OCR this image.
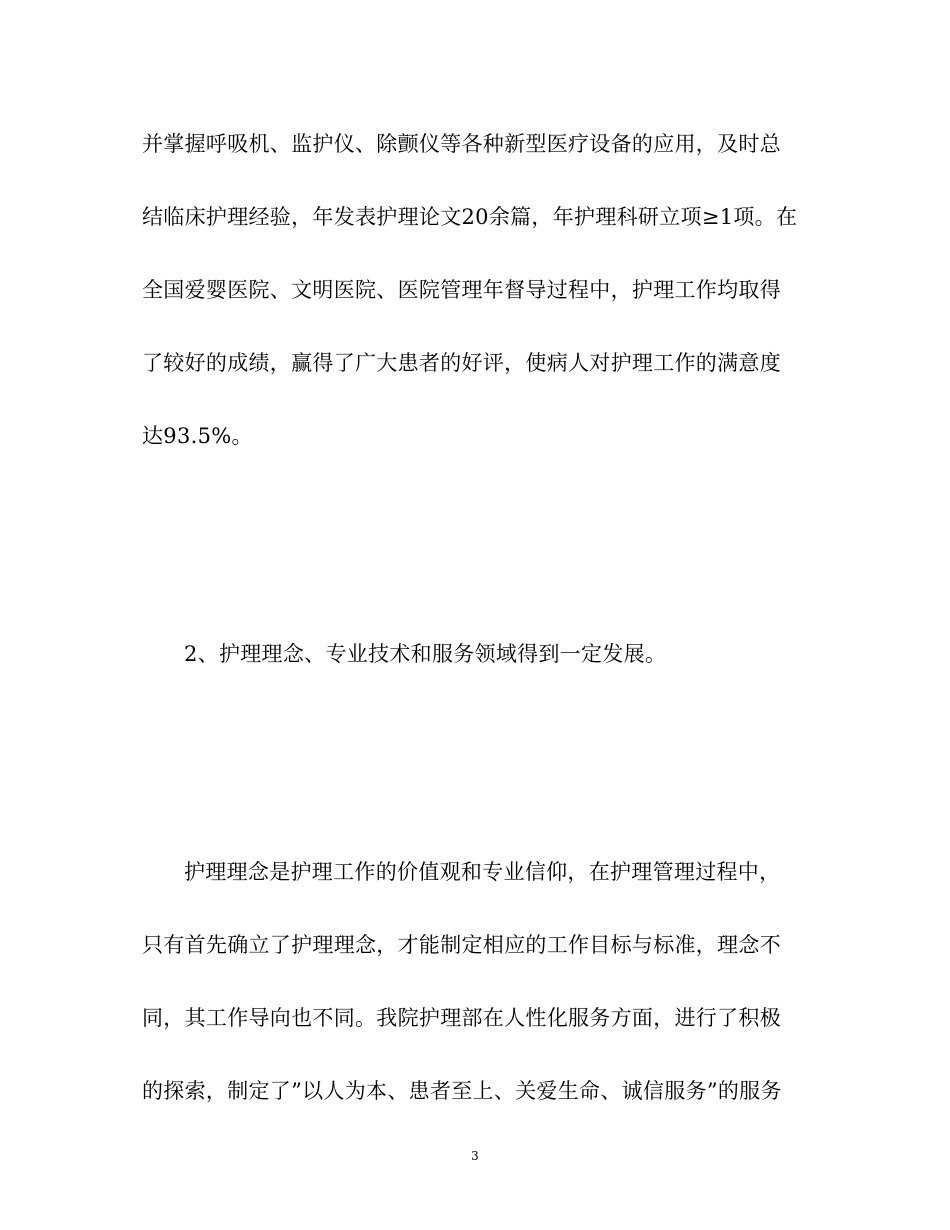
并掌握呼吸机、监护仪、除颤仪等各种新型医疗设备的应用，及时总
结临床护理经验，年发表护理论文20余篇，年护理科研立项≥1项。在
全国爱婴医院、文明医院、医院管理年督导过程中，护理工作均取得
了较好的成绩，赢得了广大患者的好评，使病人对护理工作的满意度
达93.5%。
2、护理理念、专业技术和服务领域得到一定发展。
护理理念是护理工作的价值观和专业信仰，在护理管理过程中，
只有首先确立了护理理念，才能制定相应的工作目标与标准，理念不
同，其工作导向也不同。我院护理部在人性化服务方面，进行了积极
的探索，制定了”以人为本、患者至上、关爱生命、诚信服务”的服务
3
